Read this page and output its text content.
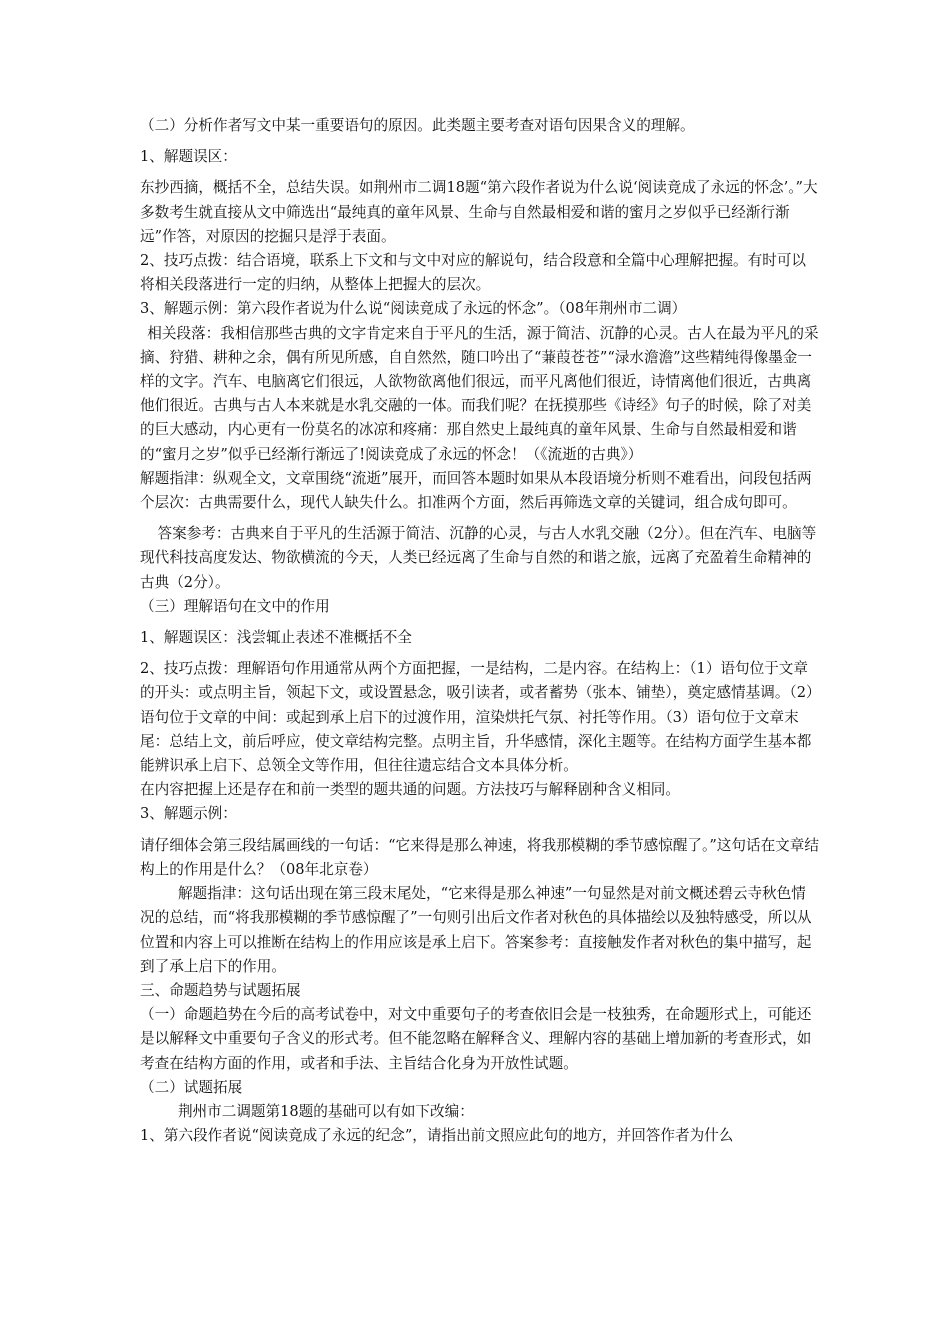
（二）分析作者写文中某一重要语句的原因。此类题主要考查对语句因果含义的理解。

1、解题误区：

东抄西摘，概括不全，总结失误。如荆州市二调18题“第六段作者说为什么说‘阅读竟成了永远的怀念’。”大多数考生就直接从文中筛选出“最纯真的童年风景、生命与自然最相爱和谐的蜜月之岁似乎已经渐行渐远”作答，对原因的挖掘只是浮于表面。

2、技巧点拨：结合语境，联系上下文和与文中对应的解说句，结合段意和全篇中心理解把握。有时可以将相关段落进行一定的归纳，从整体上把握大的层次。

3、解题示例：第六段作者说为什么说“阅读竟成了永远的怀念”。（08年荆州市二调）

相关段落：我相信那些古典的文字肯定来自于平凡的生活，源于简洁、沉静的心灵。古人在最为平凡的采摘、狩猎、耕种之余，偶有所见所感，自自然然，随口吟出了“蒹葭苍苍”“渌水澹澹”这些精纯得像墨金一样的文字。汽车、电脑离它们很远，人欲物欲离他们很远，而平凡离他们很近，诗情离他们很近，古典离他们很近。古典与古人本来就是水乳交融的一体。而我们呢？在抚摸那些《诗经》句子的时候，除了对美的巨大感动，内心更有一份莫名的冰凉和疼痛：那自然史上最纯真的童年风景、生命与自然最相爱和谐的“蜜月之岁”似乎已经渐行渐远了!阅读竟成了永远的怀念！（《流逝的古典》）

解题指津：纵观全文，文章围绕“流逝”展开，而回答本题时如果从本段语境分析则不难看出，问段包括两个层次：古典需要什么，现代人缺失什么。扣准两个方面，然后再筛选文章的关键词，组合成句即可。

答案参考：古典来自于平凡的生活源于简洁、沉静的心灵，与古人水乳交融（2分）。但在汽车、电脑等现代科技高度发达、物欲横流的今天，人类已经远离了生命与自然的和谐之旅，远离了充盈着生命精神的古典（2分）。

（三）理解语句在文中的作用

1、解题误区：浅尝辄止表述不准概括不全

2、技巧点拨：理解语句作用通常从两个方面把握，一是结构，二是内容。在结构上：（1）语句位于文章的开头：或点明主旨，领起下文，或设置悬念，吸引读者，或者蓄势（张本、铺垫），奠定感情基调。（2）语句位于文章的中间：或起到承上启下的过渡作用，渲染烘托气氛、衬托等作用。（3）语句位于文章末尾：总结上文，前后呼应，使文章结构完整。点明主旨，升华感情，深化主题等。在结构方面学生基本都能辨识承上启下、总领全文等作用，但往往遗忘结合文本具体分析。

在内容把握上还是存在和前一类型的题共通的问题。方法技巧与解释剧种含义相同。

3、解题示例：

请仔细体会第三段结属画线的一句话：“它来得是那么神速，将我那模糊的季节感惊醒了。”这句话在文章结构上的作用是什么？（08年北京卷）

解题指津：这句话出现在第三段末尾处，“它来得是那么神速”一句显然是对前文概述碧云寺秋色情况的总结，而“将我那模糊的季节感惊醒了”一句则引出后文作者对秋色的具体描绘以及独特感受，所以从位置和内容上可以推断在结构上的作用应该是承上启下。答案参考：直接触发作者对秋色的集中描写，起到了承上启下的作用。

三、命题趋势与试题拓展

（一）命题趋势在今后的高考试卷中，对文中重要句子的考查依旧会是一枝独秀，在命题形式上，可能还是以解释文中重要句子含义的形式考。但不能忽略在解释含义、理解内容的基础上增加新的考查形式，如考查在结构方面的作用，或者和手法、主旨结合化身为开放性试题。

（二）试题拓展

荆州市二调题第18题的基础可以有如下改编：

1、第六段作者说“阅读竟成了永远的纪念”，请指出前文照应此句的地方，并回答作者为什么
